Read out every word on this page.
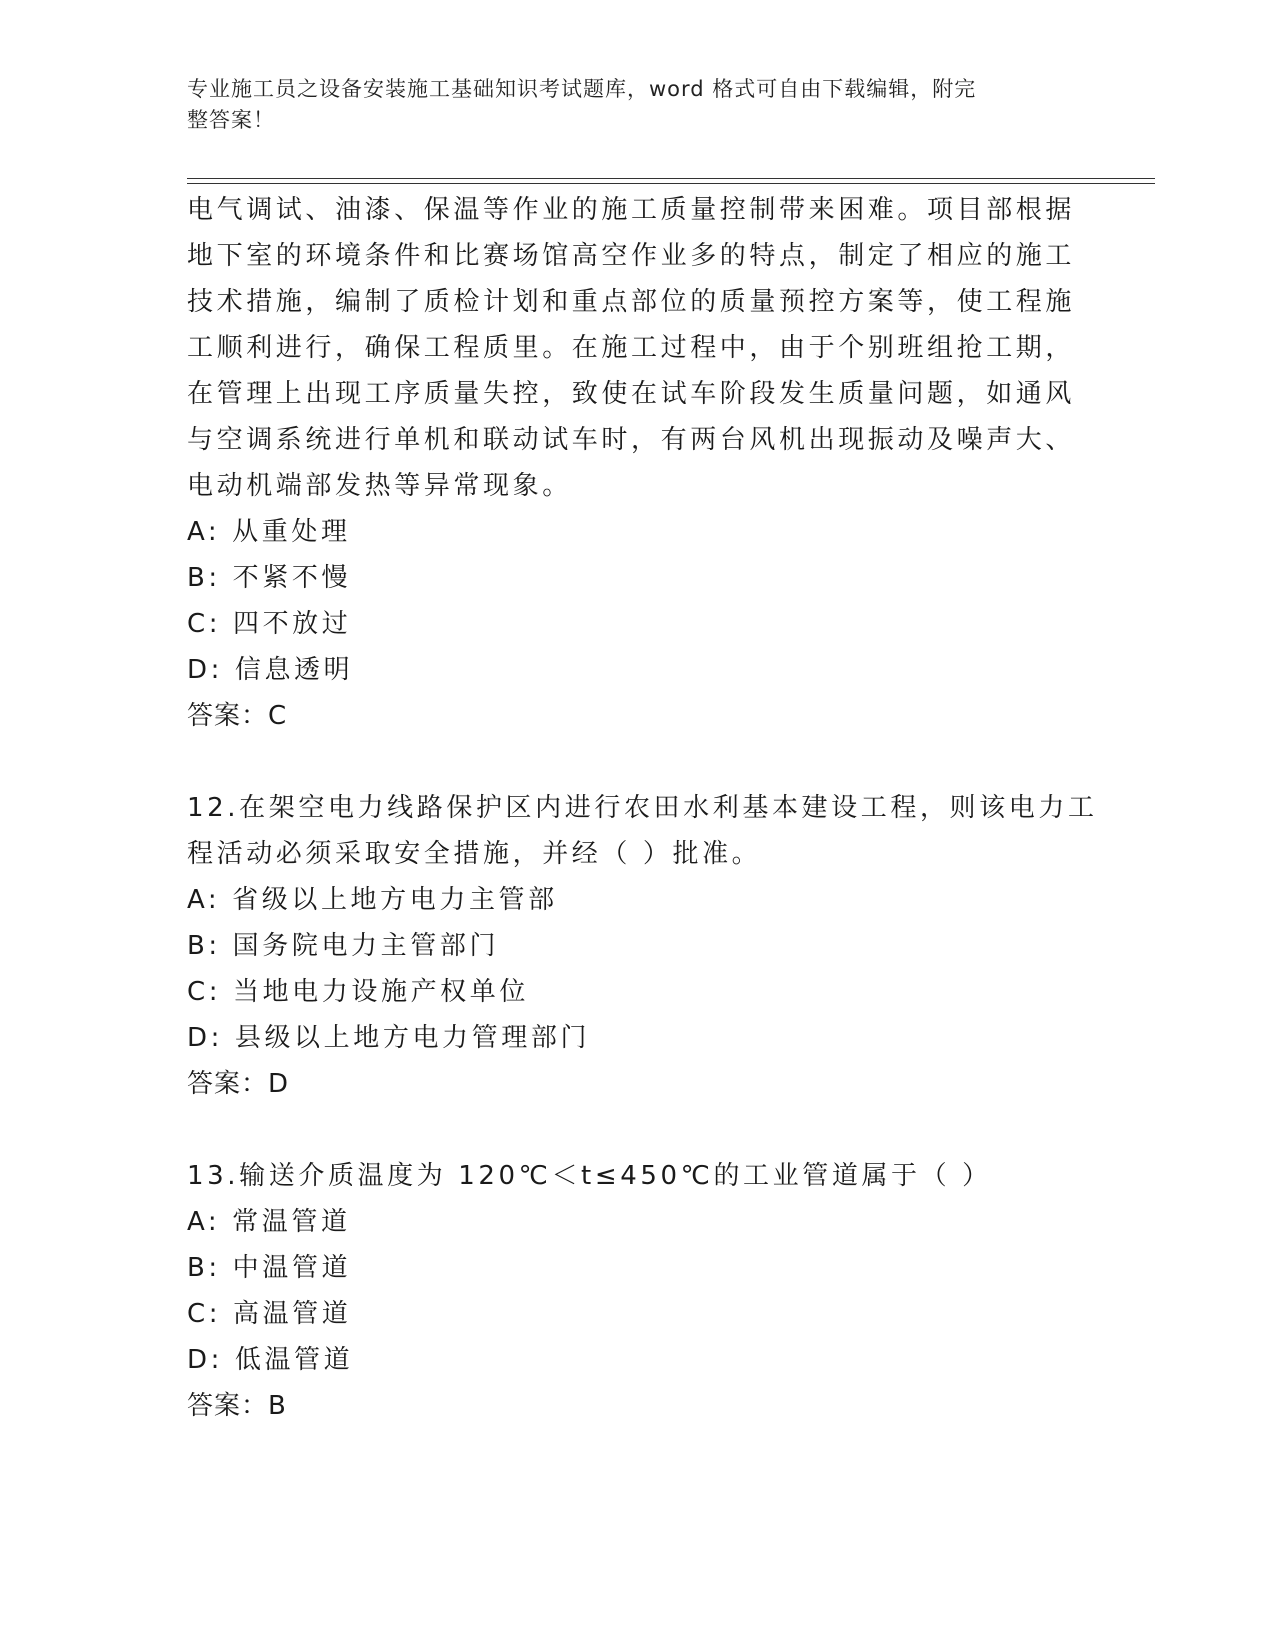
专业施工员之设备安装施工基础知识考试题库，word 格式可自由下载编辑，附完
整答案！
电气调试、油漆、保温等作业的施工质量控制带来困难。项目部根据
地下室的环境条件和比赛场馆高空作业多的特点，制定了相应的施工
技术措施，编制了质检计划和重点部位的质量预控方案等，使工程施
工顺利进行，确保工程质里。在施工过程中，由于个别班组抢工期，
在管理上出现工序质量失控，致使在试车阶段发生质量问题，如通风
与空调系统进行单机和联动试车时，有两台风机出现振动及噪声大、
电动机端部发热等异常现象。
A: 从重处理
B: 不紧不慢
C: 四不放过
D: 信息透明
答案：C
12.在架空电力线路保护区内进行农田水利基本建设工程，则该电力工
程活动必须采取安全措施，并经（ ）批准。
A: 省级以上地方电力主管部
B: 国务院电力主管部门
C: 当地电力设施产权单位
D: 县级以上地方电力管理部门
答案：D
13.输送介质温度为 120℃＜t≤450℃的工业管道属于（ ）
A: 常温管道
B: 中温管道
C: 高温管道
D: 低温管道
答案：B
